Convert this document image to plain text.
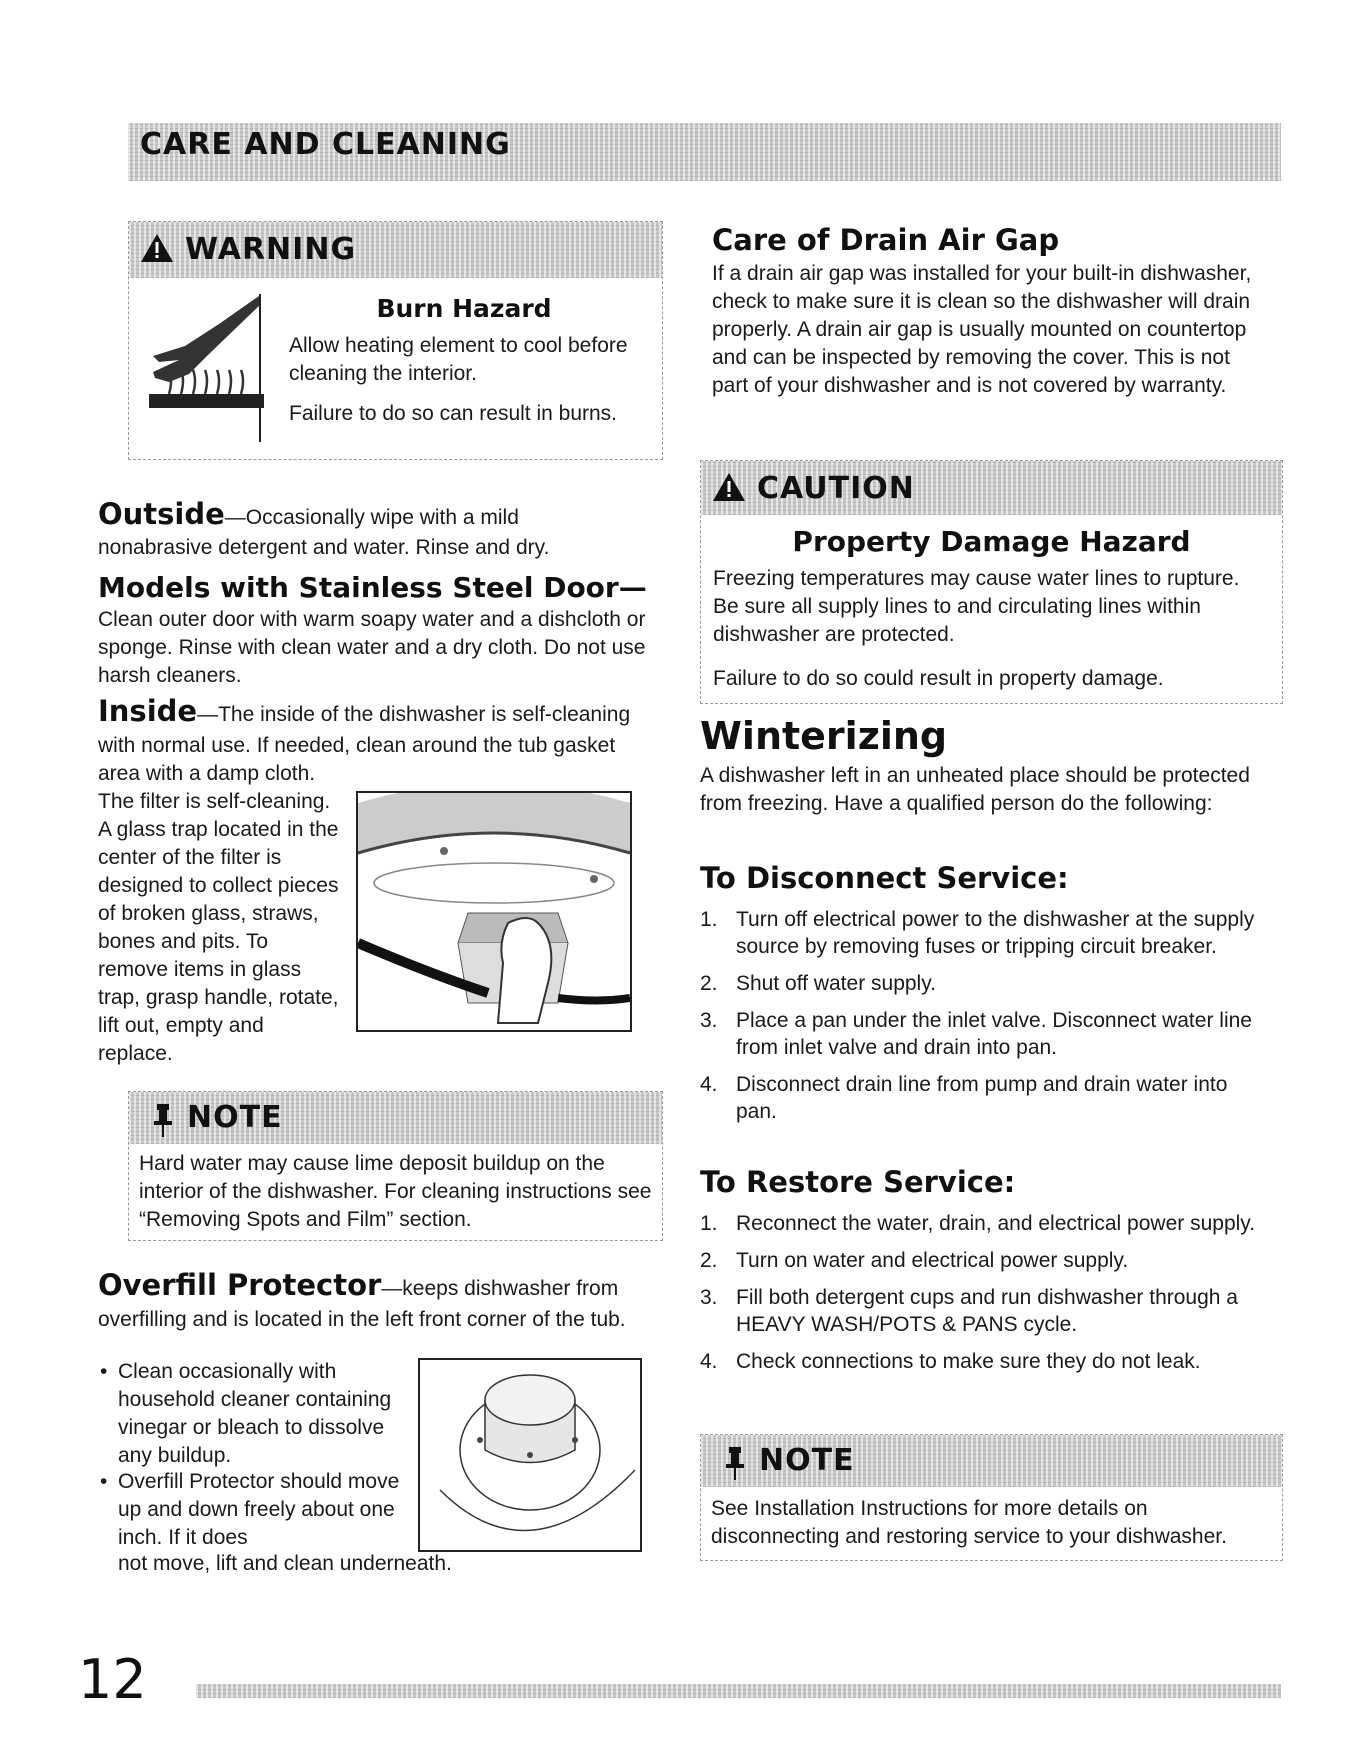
CARE AND CLEANING
WARNING
Burn Hazard

Allow heating element to cool before cleaning the interior.

Failure to do so can result in burns.

Outside—Occasionally wipe with a mild

nonabrasive detergent and water. Rinse and dry.

Models with Stainless Steel Door—

Clean outer door with warm soapy water and a dishcloth or sponge. Rinse with clean water and a dry cloth. Do not use harsh cleaners.

Inside—The inside of the dishwasher is self-cleaning

with normal use. If needed, clean around the tub gasket area with a damp cloth.

The filter is self-cleaning. A glass trap located in the center of the filter is designed to collect pieces of broken glass, straws, bones and pits. To remove items in glass trap, grasp handle, rotate, lift out, empty and replace.

NOTE

Hard water may cause lime deposit buildup on the interior of the dishwasher. For cleaning instructions see “Removing Spots and Film” section.

Overfill Protector—keeps dishwasher from

overfilling and is located in the left front corner of the tub.

• Clean occasionally with household cleaner containing vinegar or bleach to dissolve any buildup.

• Overfill Protector should move up and down freely about one inch. If it does

not move, lift and clean underneath.

Care of Drain Air Gap

If a drain air gap was installed for your built-in dishwasher, check to make sure it is clean so the dishwasher will drain properly. A drain air gap is usually mounted on countertop and can be inspected by removing the cover. This is not part of your dishwasher and is not covered by warranty.

CAUTION
Property Damage Hazard

Freezing temperatures may cause water lines to rupture. Be sure all supply lines to and circulating lines within dishwasher are protected.

Failure to do so could result in property damage.

Winterizing

A dishwasher left in an unheated place should be protected from freezing. Have a qualified person do the following:

To Disconnect Service:

1. Turn off electrical power to the dishwasher at the supply source by removing fuses or tripping circuit breaker.
2. Shut off water supply.
3. Place a pan under the inlet valve. Disconnect water line from inlet valve and drain into pan.
4. Disconnect drain line from pump and drain water into pan.

To Restore Service:

1. Reconnect the water, drain, and electrical power supply.
2. Turn on water and electrical power supply.
3. Fill both detergent cups and run dishwasher through a HEAVY WASH/POTS & PANS cycle.
4. Check connections to make sure they do not leak.
NOTE

See Installation Instructions for more details on disconnecting and restoring service to your dishwasher.

12
